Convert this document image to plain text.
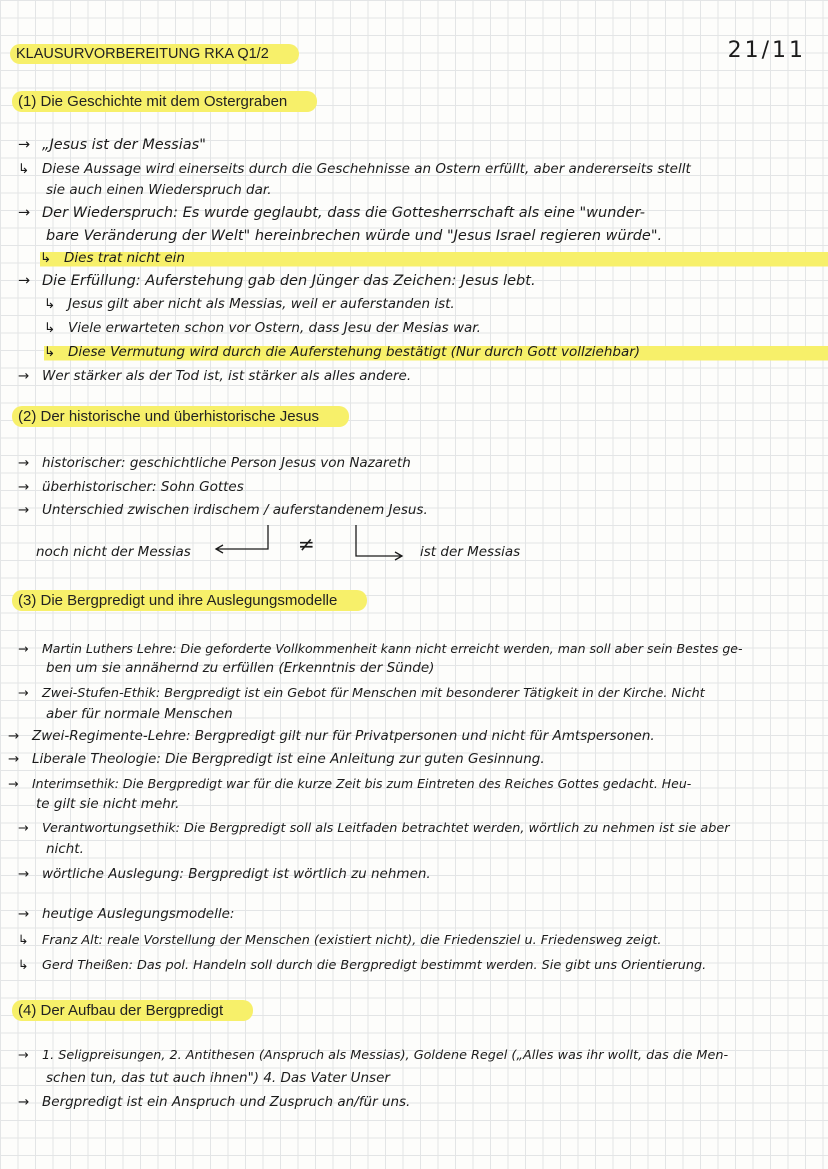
KLAUSURVORBEREITUNG RKA Q1/2	21/11
(1) Die Geschichte mit dem Ostergraben
→ „Jesus ist der Messias"
↳ Diese Aussage wird einerseits durch die Geschehnisse an Ostern erfüllt, aber andererseits stellt
sie auch einen Wiederspruch dar.
→ Der Wiederspruch: Es wurde geglaubt, dass die Gottesherrschaft als eine "wunder-
bare Veränderung der Welt" hereinbrechen würde und "Jesus Israel regieren würde".
↳ Dies trat nicht ein
→ Die Erfüllung: Auferstehung gab den Jünger das Zeichen: Jesus lebt.
↳ Jesus gilt aber nicht als Messias, weil er auferstanden ist.
↳ Viele erwarteten schon vor Ostern, dass Jesu der Mesias war.
↳ Diese Vermutung wird durch die Auferstehung bestätigt (Nur durch Gott vollziehbar)
→ Wer stärker als der Tod ist, ist stärker als alles andere.
(2) Der historische und überhistorische Jesus
→ historischer: geschichtliche Person Jesus von Nazareth
→ überhistorischer: Sohn Gottes
→ Unterschied zwischen irdischem / auferstandenem Jesus.
noch nicht der Messias	≠	ist der Messias
(3) Die Bergpredigt und ihre Auslegungsmodelle
→ Martin Luthers Lehre: Die geforderte Vollkommenheit kann nicht erreicht werden, man soll aber sein Bestes ge-
ben um sie annähernd zu erfüllen (Erkenntnis der Sünde)
→ Zwei-Stufen-Ethik: Bergpredigt ist ein Gebot für Menschen mit besonderer Tätigkeit in der Kirche. Nicht
aber für normale Menschen
→ Zwei-Regimente-Lehre: Bergpredigt gilt nur für Privatpersonen und nicht für Amtspersonen.
→ Liberale Theologie: Die Bergpredigt ist eine Anleitung zur guten Gesinnung.
→ Interimsethik: Die Bergpredigt war für die kurze Zeit bis zum Eintreten des Reiches Gottes gedacht. Heu-
te gilt sie nicht mehr.
→ Verantwortungsethik: Die Bergpredigt soll als Leitfaden betrachtet werden, wörtlich zu nehmen ist sie aber
nicht.
→ wörtliche Auslegung: Bergpredigt ist wörtlich zu nehmen.
→ heutige Auslegungsmodelle:
↳ Franz Alt: reale Vorstellung der Menschen (existiert nicht), die Friedensziel u. Friedensweg zeigt.
↳ Gerd Theißen: Das pol. Handeln soll durch die Bergpredigt bestimmt werden. Sie gibt uns Orientierung.
(4) Der Aufbau der Bergpredigt
→ 1. Seligpreisungen, 2. Antithesen (Anspruch als Messias), Goldene Regel („Alles was ihr wollt, das die Men-
schen tun, das tut auch ihnen") 4. Das Vater Unser
→ Bergpredigt ist ein Anspruch und Zuspruch an/für uns.
